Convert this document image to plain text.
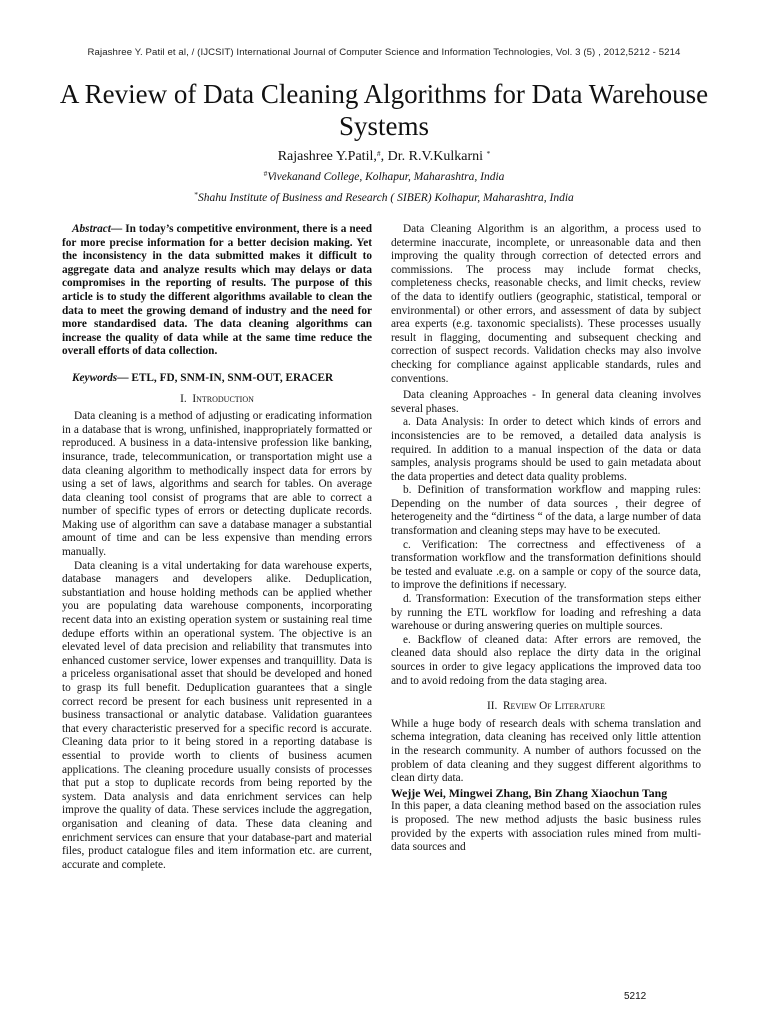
Rajashree Y. Patil et al, / (IJCSIT) International Journal of Computer Science and Information Technologies, Vol. 3 (5) , 2012,5212 - 5214
A Review of Data Cleaning Algorithms for Data Warehouse Systems
Rajashree Y.Patil,#, Dr. R.V.Kulkarni *
#Vivekanand College, Kolhapur, Maharashtra, India
*Shahu Institute of Business and Research ( SIBER) Kolhapur, Maharashtra, India

Abstract— In today’s competitive environment, there is a need for more precise information for a better decision making. Yet the inconsistency in the data submitted makes it difficult to aggregate data and analyze results which may delays or data compromises in the reporting of results. The purpose of this article is to study the different algorithms available to clean the data to meet the growing demand of industry and the need for more standardised data. The data cleaning algorithms can increase the quality of data while at the same time reduce the overall efforts of data collection.

Keywords— ETL, FD, SNM-IN, SNM-OUT, ERACER

I. Introduction

Data cleaning is a method of adjusting or eradicating information in a database that is wrong, unfinished, inappropriately formatted or reproduced. A business in a data-intensive profession like banking, insurance, trade, telecommunication, or transportation might use a data cleaning algorithm to methodically inspect data for errors by using a set of laws, algorithms and search for tables. On average data cleaning tool consist of programs that are able to correct a number of specific types of errors or detecting duplicate records. Making use of algorithm can save a database manager a substantial amount of time and can be less expensive than mending errors manually.

Data cleaning is a vital undertaking for data warehouse experts, database managers and developers alike. Deduplication, substantiation and house holding methods can be applied whether you are populating data warehouse components, incorporating recent data into an existing operation system or sustaining real time dedupe efforts within an operational system. The objective is an elevated level of data precision and reliability that transmutes into enhanced customer service, lower expenses and tranquillity. Data is a priceless organisational asset that should be developed and honed to grasp its full benefit. Deduplication guarantees that a single correct record be present for each business unit represented in a business transactional or analytic database. Validation guarantees that every characteristic preserved for a specific record is accurate. Cleaning data prior to it being stored in a reporting database is essential to provide worth to clients of business acumen applications. The cleaning procedure usually consists of processes that put a stop to duplicate records from being reported by the system. Data analysis and data enrichment services can help improve the quality of data. These services include the aggregation, organisation and cleaning of data. These data cleaning and enrichment services can ensure that your database-part and material files, product catalogue files and item information etc. are current, accurate and complete.

Data Cleaning Algorithm is an algorithm, a process used to determine inaccurate, incomplete, or unreasonable data and then improving the quality through correction of detected errors and commissions. The process may include format checks, completeness checks, reasonable checks, and limit checks, review of the data to identify outliers (geographic, statistical, temporal or environmental) or other errors, and assessment of data by subject area experts (e.g. taxonomic specialists). These processes usually result in flagging, documenting and subsequent checking and correction of suspect records. Validation checks may also involve checking for compliance against applicable standards, rules and conventions.

Data cleaning Approaches - In general data cleaning involves several phases.

a. Data Analysis: In order to detect which kinds of errors and inconsistencies are to be removed, a detailed data analysis is required. In addition to a manual inspection of the data or data samples, analysis programs should be used to gain metadata about the data properties and detect data quality problems.

b. Definition of transformation workflow and mapping rules: Depending on the number of data sources , their degree of heterogeneity and the “dirtiness “ of the data, a large number of data transformation and cleaning steps may have to be executed.

c. Verification: The correctness and effectiveness of a transformation workflow and the transformation definitions should be tested and evaluate .e.g. on a sample or copy of the source data, to improve the definitions if necessary.

d. Transformation: Execution of the transformation steps either by running the ETL workflow for loading and refreshing a data warehouse or during answering queries on multiple sources.

e. Backflow of cleaned data: After errors are removed, the cleaned data should also replace the dirty data in the original sources in order to give legacy applications the improved data too and to avoid redoing from the data staging area.

II. Review Of Literature

While a huge body of research deals with schema translation and schema integration, data cleaning has received only little attention in the research community. A number of authors focussed on the problem of data cleaning and they suggest different algorithms to clean dirty data.

Wejje Wei, Mingwei Zhang, Bin Zhang Xiaochun Tang

In this paper, a data cleaning method based on the association rules is proposed. The new method adjusts the basic business rules provided by the experts with association rules mined from multi-data sources and

5212
